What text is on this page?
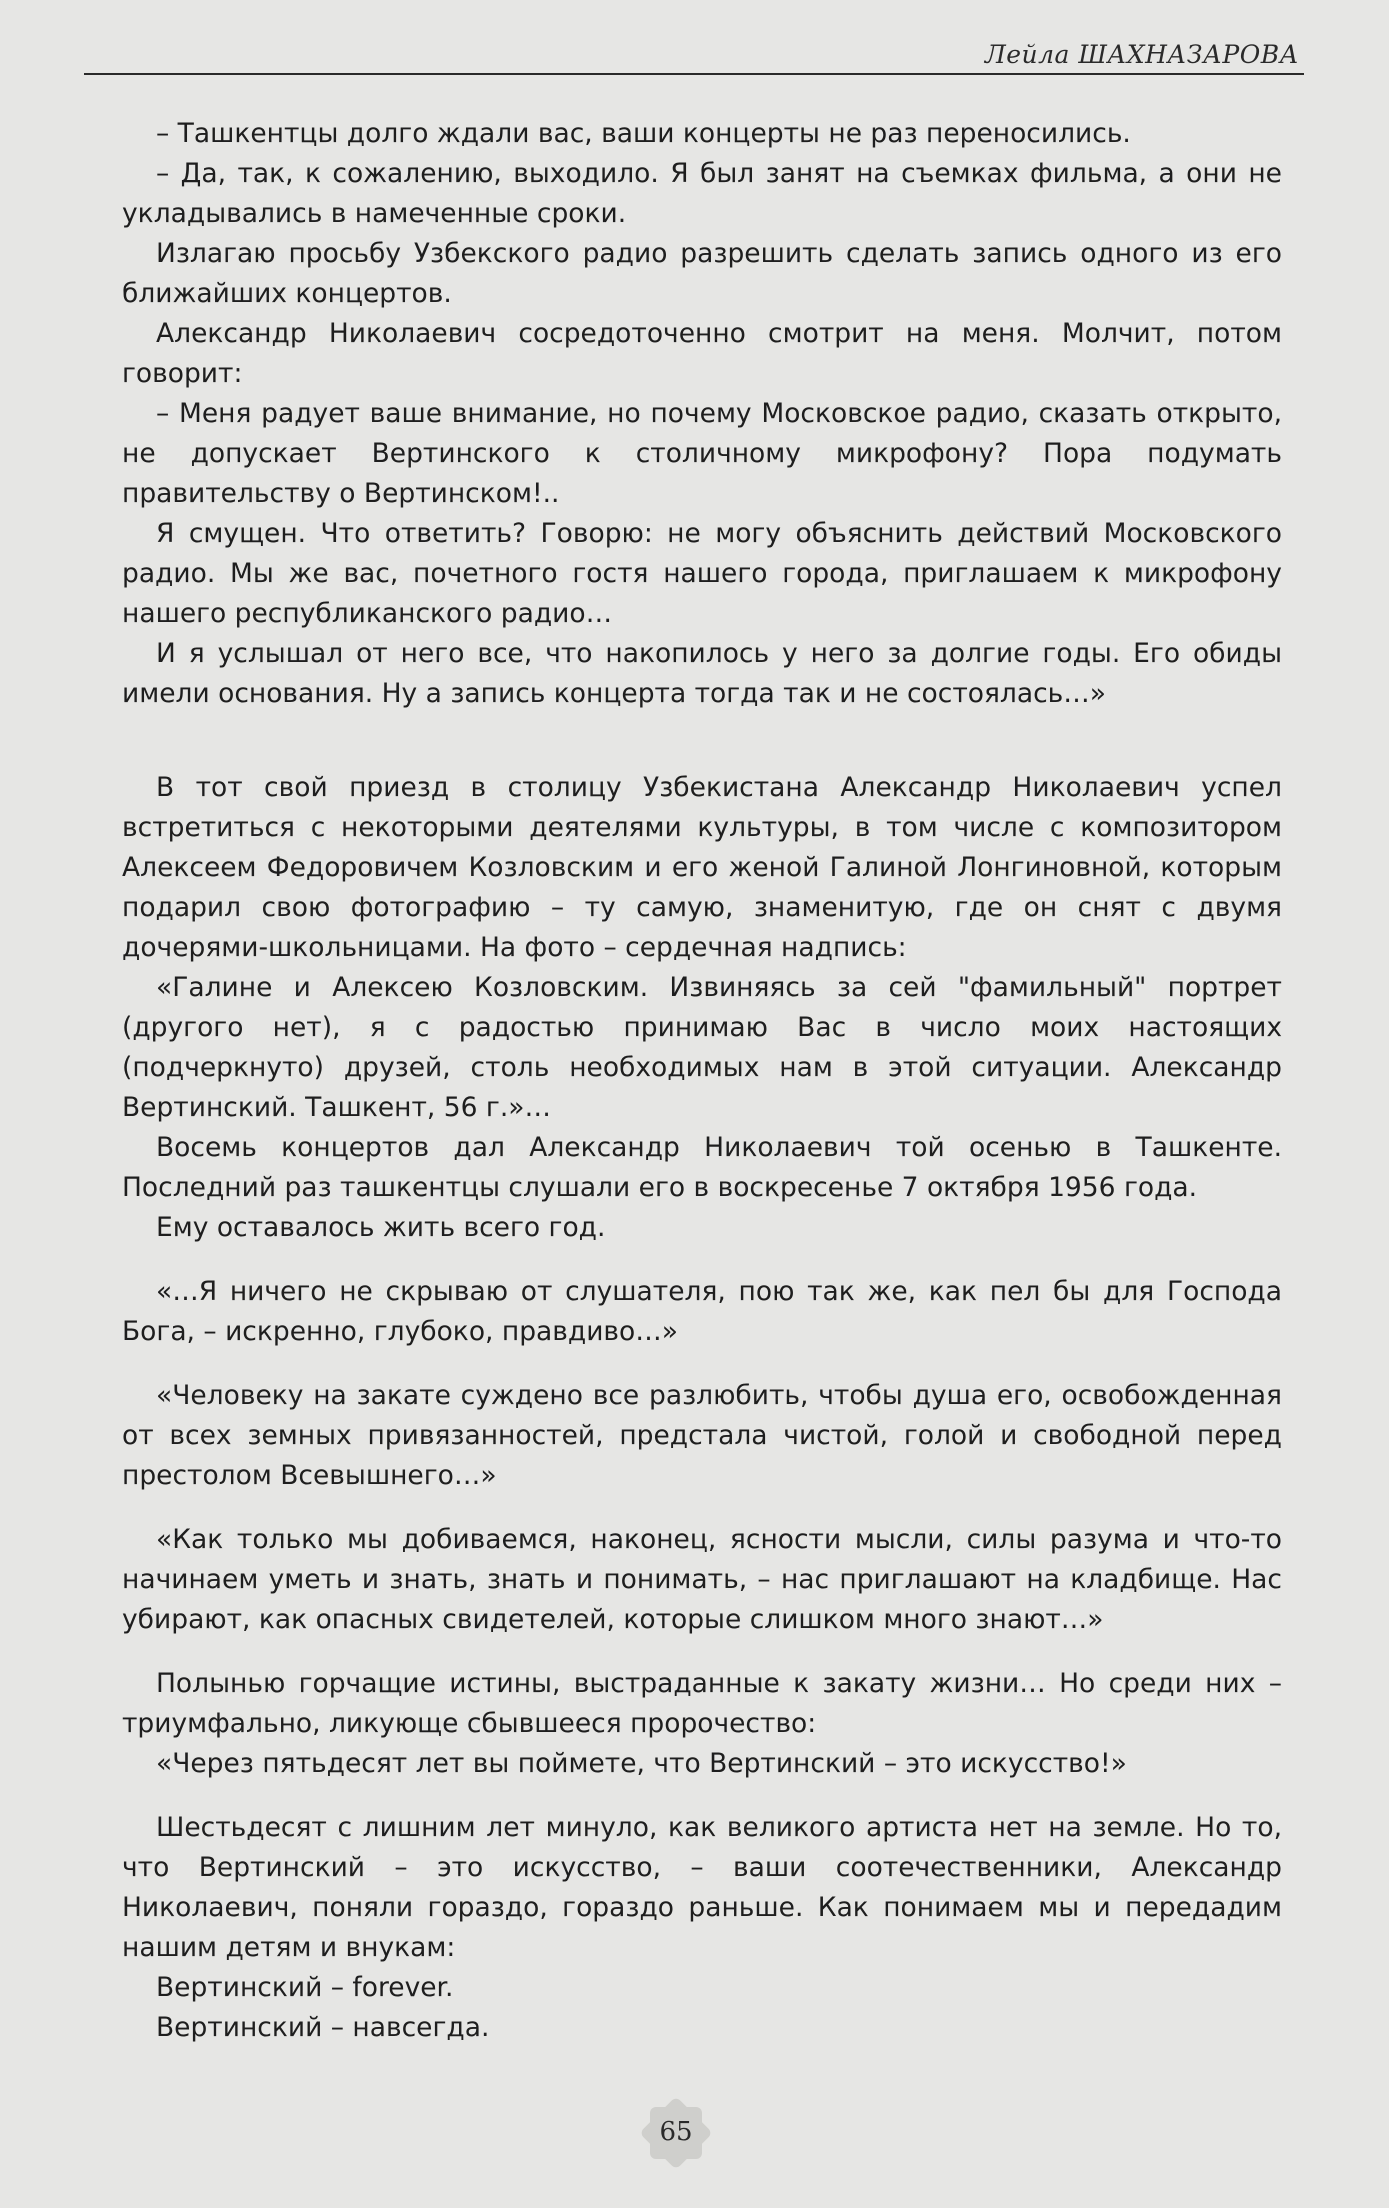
Лейла ШАХНАЗАРОВА

– Ташкентцы долго ждали вас, ваши концерты не раз переносились.

– Да, так, к сожалению, выходило. Я был занят на съемках фильма, а они не укладывались в намеченные сроки.

Излагаю просьбу Узбекского радио разрешить сделать запись одного из его ближайших концертов.

Александр Николаевич сосредоточенно смотрит на меня. Молчит, потом говорит:

– Меня радует ваше внимание, но почему Московское радио, сказать открыто, не допускает Вертинского к столичному микрофону? Пора подумать правительству о Вертинском!..

Я смущен. Что ответить? Говорю: не могу объяснить действий Московского радио. Мы же вас, почетного гостя нашего города, приглашаем к микрофону нашего республиканского радио…

И я услышал от него все, что накопилось у него за долгие годы. Его обиды имели основания. Ну а запись концерта тогда так и не состоялась…»

В тот свой приезд в столицу Узбекистана Александр Николаевич успел встретиться с некоторыми деятелями культуры, в том числе с композитором Алексеем Федоровичем Козловским и его женой Галиной Лонгиновной, которым подарил свою фотографию – ту самую, знаменитую, где он снят с двумя дочерями-школьницами. На фото – сердечная надпись:

«Галине и Алексею Козловским. Извиняясь за сей "фамильный" портрет (другого нет), я с радостью принимаю Вас в число моих настоящих (подчеркнуто) друзей, столь необходимых нам в этой ситуации. Александр Вертинский. Ташкент, 56 г.»…

Восемь концертов дал Александр Николаевич той осенью в Ташкенте. Последний раз ташкентцы слушали его в воскресенье 7 октября 1956 года.

Ему оставалось жить всего год.

«…Я ничего не скрываю от слушателя, пою так же, как пел бы для Господа Бога, – искренно, глубоко, правдиво…»

«Человеку на закате суждено все разлюбить, чтобы душа его, освобожденная от всех земных привязанностей, предстала чистой, голой и свободной перед престолом Всевышнего…»

«Как только мы добиваемся, наконец, ясности мысли, силы разума и что-то начинаем уметь и знать, знать и понимать, – нас приглашают на кладбище. Нас убирают, как опасных свидетелей, которые слишком много знают…»

Полынью горчащие истины, выстраданные к закату жизни… Но среди них – триумфально, ликующе сбывшееся пророчество:

«Через пятьдесят лет вы поймете, что Вертинский – это искусство!»

Шестьдесят с лишним лет минуло, как великого артиста нет на земле. Но то, что Вертинский – это искусство, – ваши соотечественники, Александр Николаевич, поняли гораздо, гораздо раньше. Как понимаем мы и передадим нашим детям и внукам:

Вертинский – forever.

Вертинский – навсегда.

65
